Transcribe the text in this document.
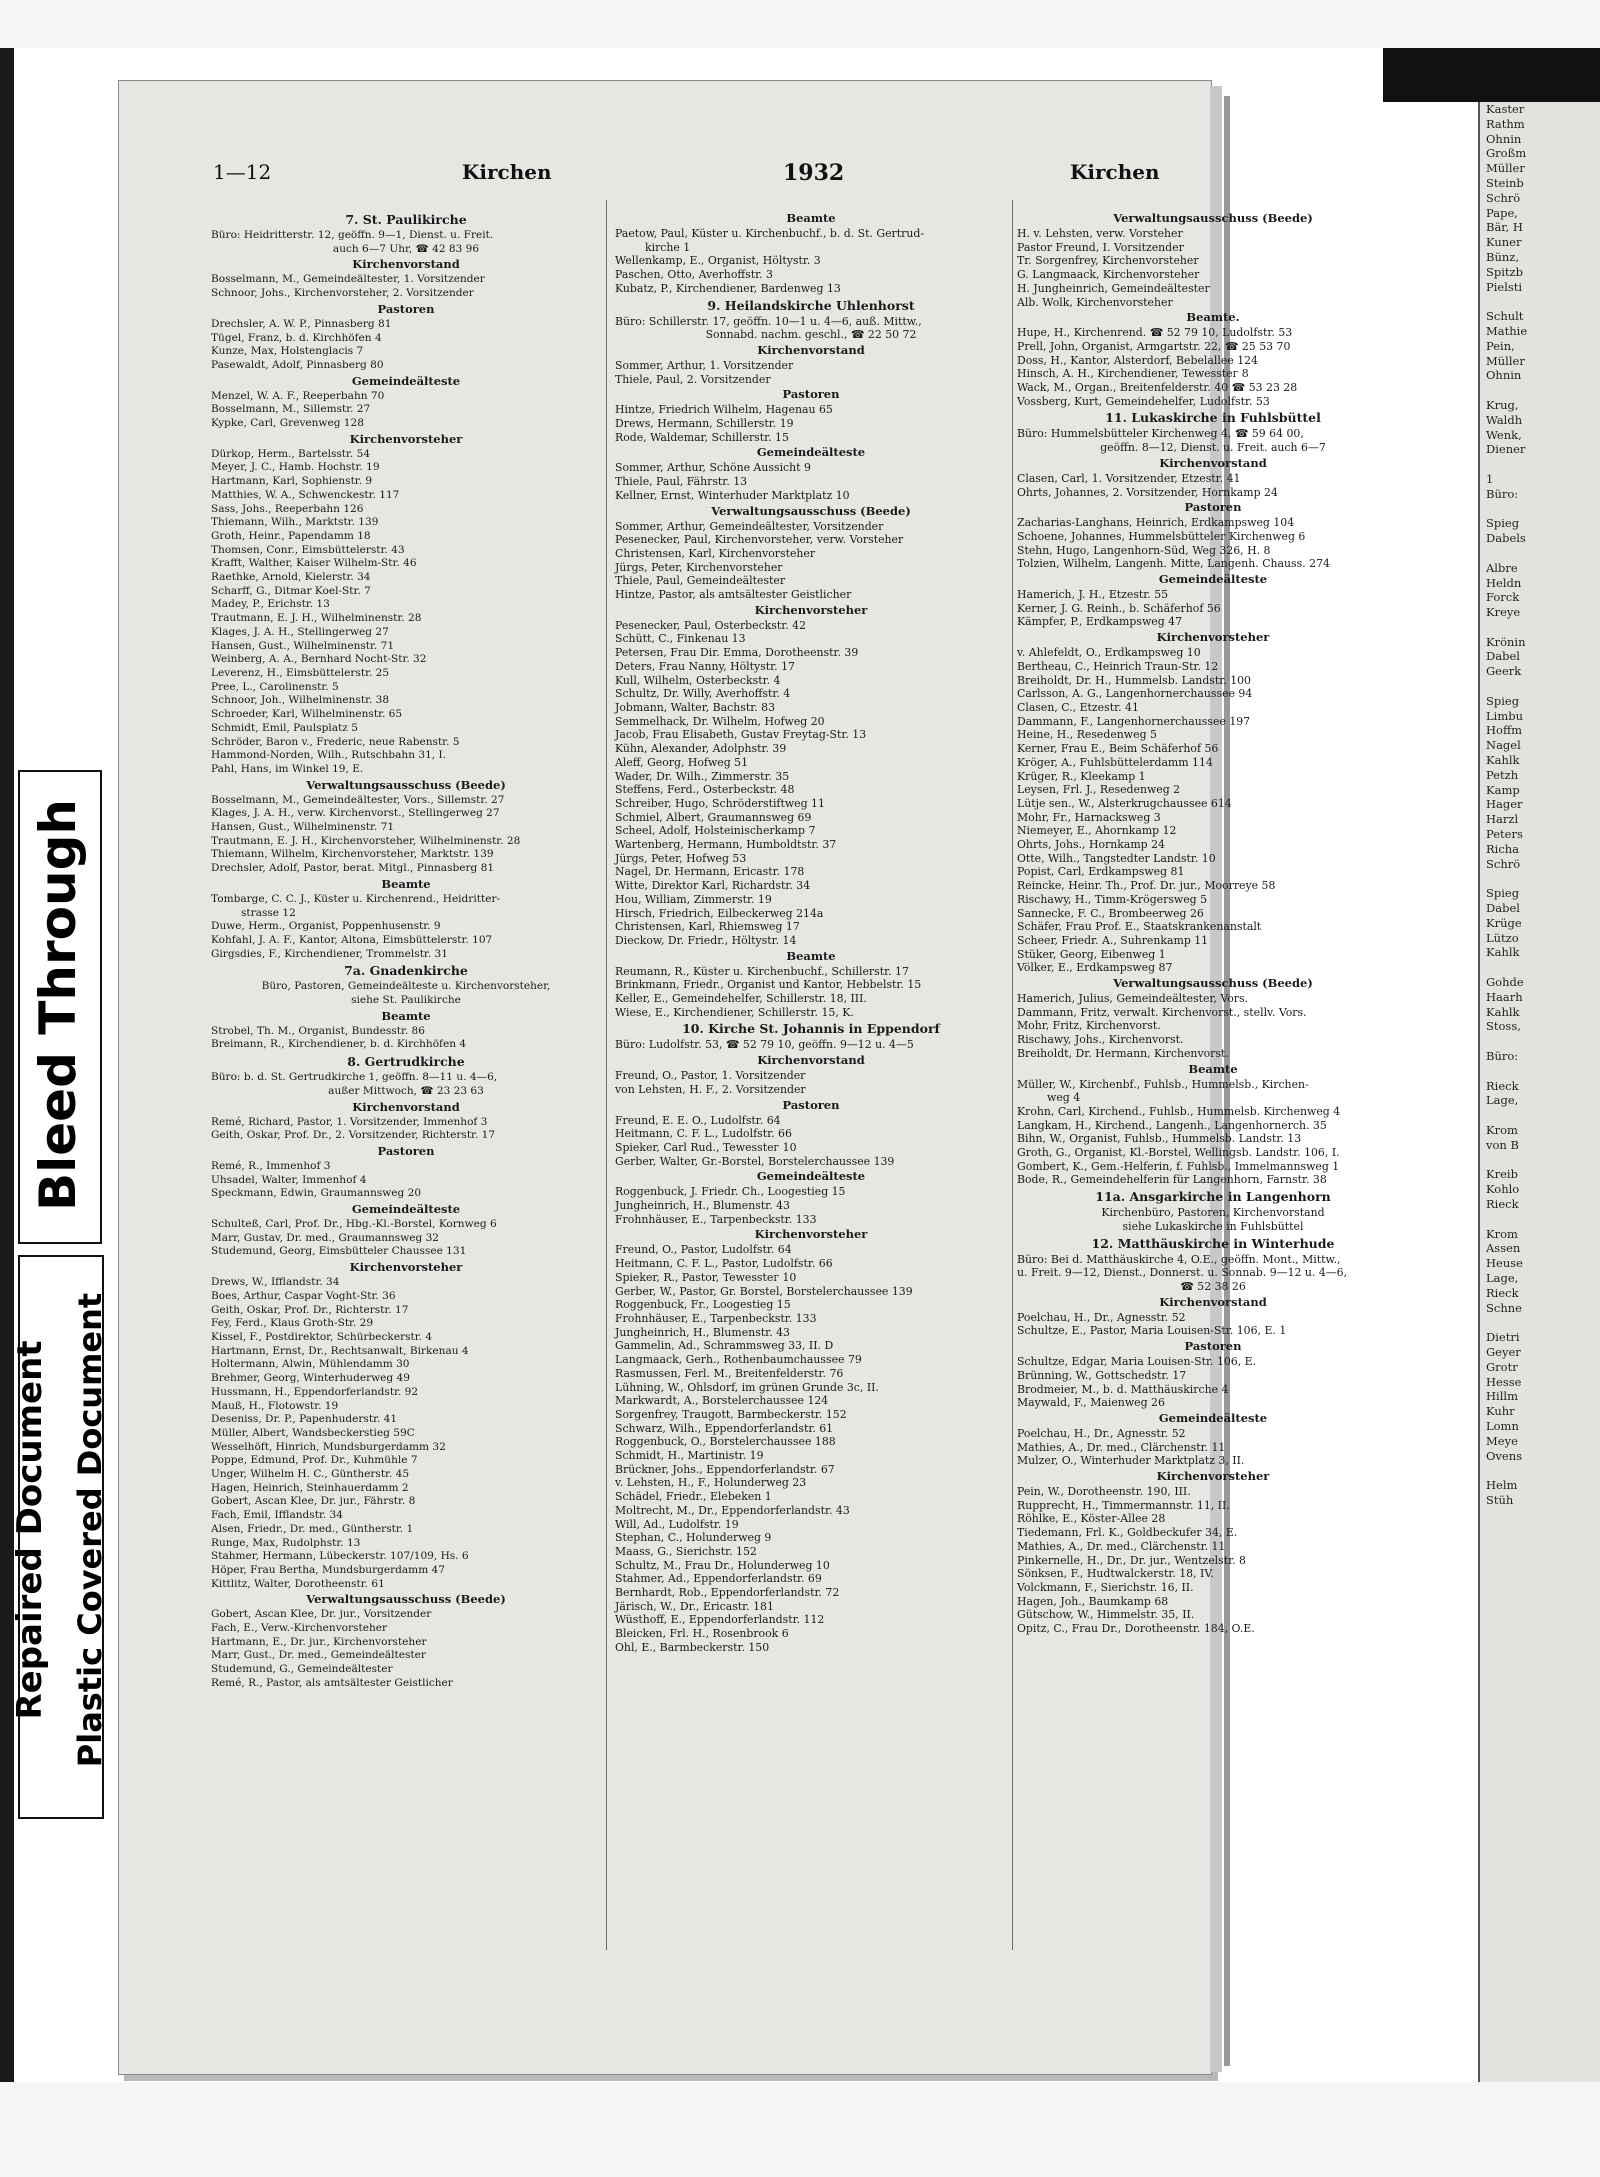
Kaster
Rathm
Ohnin
Großm
Müller
Steinb
Schrö
Pape,
Bär, H
Kuner
Bünz,
Spitzb
Pielsti

Schult
Mathie
Pein,
Müller
Ohnin

Krug,
Waldh
Wenk,
Diener

1
Büro:

Spieg
Dabels

Albre
Heldn
Forck
Kreye

Krönin
Dabel
Geerk

Spieg
Limbu
Hoffm
Nagel
Kahlk
Petzh
Kamp
Hager
Harzl
Peters
Richa
Schrö

Spieg
Dabel
Krüge
Lützo
Kahlk

Gohde
Haarh
Kahlk
Stoss,

Büro:

Rieck
Lage,

Krom
von B

Kreib
Kohlo
Rieck

Krom
Assen
Heuse
Lage,
Rieck
Schne

Dietri
Geyer
Grotr
Hesse
Hillm
Kuhr
Lomn
Meye
Ovens

Helm
Stüh
Bleed Through
Repaired Document Plastic Covered Document
1—12	Kirchen	1932	Kirchen
7. St. Paulikirche
Büro: Heidritterstr. 12, geöffn. 9—1, Dienst. u. Freit.
auch 6—7 Uhr, ☎ 42 83 96
Kirchenvorstand
Bosselmann, M., Gemeindeältester, 1. Vorsitzender
Schnoor, Johs., Kirchenvorsteher, 2. Vorsitzender
Pastoren
Drechsler, A. W. P., Pinnasberg 81
Tügel, Franz, b. d. Kirchhöfen 4
Kunze, Max, Holstenglacis 7
Pasewaldt, Adolf, Pinnasberg 80
Gemeindeälteste
Menzel, W. A. F., Reeperbahn 70
Bosselmann, M., Sillemstr. 27
Kypke, Carl, Grevenweg 128
Kirchenvorsteher
Dürkop, Herm., Bartelsstr. 54
Meyer, J. C., Hamb. Hochstr. 19
Hartmann, Karl, Sophienstr. 9
Matthies, W. A., Schwenckestr. 117
Sass, Johs., Reeperbahn 126
Thiemann, Wilh., Marktstr. 139
Groth, Heinr., Papendamm 18
Thomsen, Conr., Eimsbüttelerstr. 43
Krafft, Walther, Kaiser Wilhelm-Str. 46
Raethke, Arnold, Kielerstr. 34
Scharff, G., Ditmar Koel-Str. 7
Madey, P., Erichstr. 13
Trautmann, E. J. H., Wilhelminenstr. 28
Klages, J. A. H., Stellingerweg 27
Hansen, Gust., Wilhelminenstr. 71
Weinberg, A. A., Bernhard Nocht-Str. 32
Leverenz, H., Eimsbüttelerstr. 25
Pree, L., Carolinenstr. 5
Schnoor, Joh., Wilhelminenstr. 38
Schroeder, Karl, Wilhelminenstr. 65
Schmidt, Emil, Paulsplatz 5
Schröder, Baron v., Frederic, neue Rabenstr. 5
Hammond-Norden, Wilh., Rutschbahn 31, I.
Pahl, Hans, im Winkel 19, E.
Verwaltungsausschuss (Beede)
Bosselmann, M., Gemeindeältester, Vors., Sillemstr. 27
Klages, J. A. H., verw. Kirchenvorst., Stellingerweg 27
Hansen, Gust., Wilhelminenstr. 71
Trautmann, E. J. H., Kirchenvorsteher, Wilhelminenstr. 28
Thiemann, Wilhelm, Kirchenvorsteher, Marktstr. 139
Drechsler, Adolf, Pastor, berat. Mitgl., Pinnasberg 81
Beamte
Tombarge, C. C. J., Küster u. Kirchenrend., Heidritter-
strasse 12
Duwe, Herm., Organist, Poppenhusenstr. 9
Kohfahl, J. A. F., Kantor, Altona, Eimsbüttelerstr. 107
Girgsdies, F., Kirchendiener, Trommelstr. 31
7a. Gnadenkirche
Büro, Pastoren, Gemeindeälteste u. Kirchenvorsteher,
siehe St. Paulikirche
Beamte
Strobel, Th. M., Organist, Bundesstr. 86
Breimann, R., Kirchendiener, b. d. Kirchhöfen 4
8. Gertrudkirche
Büro: b. d. St. Gertrudkirche 1, geöffn. 8—11 u. 4—6,
außer Mittwoch, ☎ 23 23 63
Kirchenvorstand
Remé, Richard, Pastor, 1. Vorsitzender, Immenhof 3
Geith, Oskar, Prof. Dr., 2. Vorsitzender, Richterstr. 17
Pastoren
Remé, R., Immenhof 3
Uhsadel, Walter, Immenhof 4
Speckmann, Edwin, Graumannsweg 20
Gemeindeälteste
Schulteß, Carl, Prof. Dr., Hbg.-Kl.-Borstel, Kornweg 6
Marr, Gustav, Dr. med., Graumannsweg 32
Studemund, Georg, Eimsbütteler Chaussee 131
Kirchenvorsteher
Drews, W., Ifflandstr. 34
Boes, Arthur, Caspar Voght-Str. 36
Geith, Oskar, Prof. Dr., Richterstr. 17
Fey, Ferd., Klaus Groth-Str. 29
Kissel, F., Postdirektor, Schürbeckerstr. 4
Hartmann, Ernst, Dr., Rechtsanwalt, Birkenau 4
Holtermann, Alwin, Mühlendamm 30
Brehmer, Georg, Winterhuderweg 49
Hussmann, H., Eppendorferlandstr. 92
Mauß, H., Flotowstr. 19
Deseniss, Dr. P., Papenhuderstr. 41
Müller, Albert, Wandsbeckerstieg 59C
Wesselhöft, Hinrich, Mundsburgerdamm 32
Poppe, Edmund, Prof. Dr., Kuhmühle 7
Unger, Wilhelm H. C., Güntherstr. 45
Hagen, Heinrich, Steinhauerdamm 2
Gobert, Ascan Klee, Dr. jur., Fährstr. 8
Fach, Emil, Ifflandstr. 34
Alsen, Friedr., Dr. med., Güntherstr. 1
Runge, Max, Rudolphstr. 13
Stahmer, Hermann, Lübeckerstr. 107/109, Hs. 6
Höper, Frau Bertha, Mundsburgerdamm 47
Kittlitz, Walter, Dorotheenstr. 61
Verwaltungsausschuss (Beede)
Gobert, Ascan Klee, Dr. jur., Vorsitzender
Fach, E., Verw.-Kirchenvorsteher
Hartmann, E., Dr. jur., Kirchenvorsteher
Marr, Gust., Dr. med., Gemeindeältester
Studemund, G., Gemeindeältester
Remé, R., Pastor, als amtsältester Geistlicher
Beamte
Paetow, Paul, Küster u. Kirchenbuchf., b. d. St. Gertrud-
kirche 1
Wellenkamp, E., Organist, Höltystr. 3
Paschen, Otto, Averhoffstr. 3
Kubatz, P., Kirchendiener, Bardenweg 13
9. Heilandskirche Uhlenhorst
Büro: Schillerstr. 17, geöffn. 10—1 u. 4—6, auß. Mittw.,
Sonnabd. nachm. geschl., ☎ 22 50 72
Kirchenvorstand
Sommer, Arthur, 1. Vorsitzender
Thiele, Paul, 2. Vorsitzender
Pastoren
Hintze, Friedrich Wilhelm, Hagenau 65
Drews, Hermann, Schillerstr. 19
Rode, Waldemar, Schillerstr. 15
Gemeindeälteste
Sommer, Arthur, Schöne Aussicht 9
Thiele, Paul, Fährstr. 13
Kellner, Ernst, Winterhuder Marktplatz 10
Verwaltungsausschuss (Beede)
Sommer, Arthur, Gemeindeältester, Vorsitzender
Pesenecker, Paul, Kirchenvorsteher, verw. Vorsteher
Christensen, Karl, Kirchenvorsteher
Jürgs, Peter, Kirchenvorsteher
Thiele, Paul, Gemeindeältester
Hintze, Pastor, als amtsältester Geistlicher
Kirchenvorsteher
Pesenecker, Paul, Osterbeckstr. 42
Schütt, C., Finkenau 13
Petersen, Frau Dir. Emma, Dorotheenstr. 39
Deters, Frau Nanny, Höltystr. 17
Kull, Wilhelm, Osterbeckstr. 4
Schultz, Dr. Willy, Averhoffstr. 4
Jobmann, Walter, Bachstr. 83
Semmelhack, Dr. Wilhelm, Hofweg 20
Jacob, Frau Elisabeth, Gustav Freytag-Str. 13
Kühn, Alexander, Adolphstr. 39
Aleff, Georg, Hofweg 51
Wader, Dr. Wilh., Zimmerstr. 35
Steffens, Ferd., Osterbeckstr. 48
Schreiber, Hugo, Schröderstiftweg 11
Schmiel, Albert, Graumannsweg 69
Scheel, Adolf, Holsteinischerkamp 7
Wartenberg, Hermann, Humboldtstr. 37
Jürgs, Peter, Hofweg 53
Nagel, Dr. Hermann, Ericastr. 178
Witte, Direktor Karl, Richardstr. 34
Hou, William, Zimmerstr. 19
Hirsch, Friedrich, Eilbeckerweg 214a
Christensen, Karl, Rhiemsweg 17
Dieckow, Dr. Friedr., Höltystr. 14
Beamte
Reumann, R., Küster u. Kirchenbuchf., Schillerstr. 17
Brinkmann, Friedr., Organist und Kantor, Hebbelstr. 15
Keller, E., Gemeindehelfer, Schillerstr. 18, III.
Wiese, E., Kirchendiener, Schillerstr. 15, K.
10. Kirche St. Johannis in Eppendorf
Büro: Ludolfstr. 53, ☎ 52 79 10, geöffn. 9—12 u. 4—5
Kirchenvorstand
Freund, O., Pastor, 1. Vorsitzender
von Lehsten, H. F., 2. Vorsitzender
Pastoren
Freund, E. E. O., Ludolfstr. 64
Heitmann, C. F. L., Ludolfstr. 66
Spieker, Carl Rud., Tewesstег 10
Gerber, Walter, Gr.-Borstel, Borstelerchaussee 139
Gemeindeälteste
Roggenbuck, J. Friedr. Ch., Loogestieg 15
Jungheinrich, H., Blumenstr. 43
Frohnhäuser, E., Tarpenbeckstr. 133
Kirchenvorsteher
Freund, O., Pastor, Ludolfstr. 64
Heitmann, C. F. L., Pastor, Ludolfstr. 66
Spieker, R., Pastor, Tewesstег 10
Gerber, W., Pastor, Gr. Borstel, Borstelerchaussee 139
Roggenbuck, Fr., Loogestieg 15
Frohnhäuser, E., Tarpenbeckstr. 133
Jungheinrich, H., Blumenstr. 43
Gammelin, Ad., Schrammsweg 33, II. D
Langmaack, Gerh., Rothenbaumchaussee 79
Rasmussen, Ferl. M., Breitenfelderstr. 76
Lühning, W., Ohlsdorf, im grünen Grunde 3c, II.
Markwardt, A., Borstelerchaussee 124
Sorgenfrey, Traugott, Barmbeckerstr. 152
Schwarz, Wilh., Eppendorferlandstr. 61
Roggenbuck, O., Borstelerchaussee 188
Schmidt, H., Martinistr. 19
Brückner, Johs., Eppendorferlandstr. 67
v. Lehsten, H., F., Holunderweg 23
Schädel, Friedr., Elebeken 1
Moltrecht, M., Dr., Eppendorferlandstr. 43
Will, Ad., Ludolfstr. 19
Stephan, C., Holunderweg 9
Maass, G., Sierichstr. 152
Schultz, M., Frau Dr., Holunderweg 10
Stahmer, Ad., Eppendorferlandstr. 69
Bernhardt, Rob., Eppendorferlandstr. 72
Järisch, W., Dr., Ericastr. 181
Wüsthoff, E., Eppendorferlandstr. 112
Bleicken, Frl. H., Rosenbrook 6
Ohl, E., Barmbeckerstr. 150
Verwaltungsausschuss (Beede)
H. v. Lehsten, verw. Vorsteher
Pastor Freund, I. Vorsitzender
Tr. Sorgenfrey, Kirchenvorsteher
G. Langmaack, Kirchenvorsteher
H. Jungheinrich, Gemeindeältester
Alb. Wolk, Kirchenvorsteher
Beamte.
Hupe, H., Kirchenrend. ☎ 52 79 10, Ludolfstr. 53
Prell, John, Organist, Armgartstr. 22, ☎ 25 53 70
Doss, H., Kantor, Alsterdorf, Bebelallee 124
Hinsch, A. H., Kirchendiener, Tewesstег 8
Wack, M., Organ., Breitenfelderstr. 40 ☎ 53 23 28
Vossberg, Kurt, Gemeindehelfer, Ludolfstr. 53
11. Lukaskirche in Fuhlsbüttel
Büro: Hummelsbütteler Kirchenweg 4, ☎ 59 64 00,
geöffn. 8—12, Dienst. u. Freit. auch 6—7
Kirchenvorstand
Clasen, Carl, 1. Vorsitzender, Etzestr. 41
Ohrts, Johannes, 2. Vorsitzender, Hornkamp 24
Pastoren
Zacharias-Langhans, Heinrich, Erdkampsweg 104
Schoene, Johannes, Hummelsbütteler Kirchenweg 6
Stehn, Hugo, Langenhorn-Süd, Weg 326, H. 8
Tolzien, Wilhelm, Langenh. Mitte, Langenh. Chauss. 274
Gemeindeälteste
Hamerich, J. H., Etzestr. 55
Kerner, J. G. Reinh., b. Schäferhof 56
Kämpfer, P., Erdkampsweg 47
Kirchenvorsteher
v. Ahlefeldt, O., Erdkampsweg 10
Bertheau, C., Heinrich Traun-Str. 12
Breiholdt, Dr. H., Hummelsb. Landstr. 100
Carlsson, A. G., Langenhornerchaussee 94
Clasen, C., Etzestr. 41
Dammann, F., Langenhornerchaussee 197
Heine, H., Resedenweg 5
Kerner, Frau E., Beim Schäferhof 56
Kröger, A., Fuhlsbüttelerdamm 114
Krüger, R., Kleekamp 1
Leysen, Frl. J., Resedenweg 2
Lütje sen., W., Alsterkrugchaussee 614
Mohr, Fr., Harnacksweg 3
Niemeyer, E., Ahornkamp 12
Ohrts, Johs., Hornkamp 24
Otte, Wilh., Tangstedter Landstr. 10
Popist, Carl, Erdkampsweg 81
Reincke, Heinr. Th., Prof. Dr. jur., Moorreye 58
Rischawy, H., Timm-Krögersweg 5
Sannecke, F. C., Brombeerweg 26
Schäfer, Frau Prof. E., Staatskrankenanstalt
Scheer, Friedr. A., Suhrenkamp 11
Stüker, Georg, Eibenweg 1
Völker, E., Erdkampsweg 87
Verwaltungsausschuss (Beede)
Hamerich, Julius, Gemeindeältester, Vors.
Dammann, Fritz, verwalt. Kirchenvorst., stellv. Vors.
Mohr, Fritz, Kirchenvorst.
Rischawy, Johs., Kirchenvorst.
Breiholdt, Dr. Hermann, Kirchenvorst.
Beamte
Müller, W., Kirchenbf., Fuhlsb., Hummelsb., Kirchen-
weg 4
Krohn, Carl, Kirchend., Fuhlsb., Hummelsb. Kirchenweg 4
Langkam, H., Kirchend., Langenh., Langenhornerch. 35
Bihn, W., Organist, Fuhlsb., Hummelsb. Landstr. 13
Groth, G., Organist, Kl.-Borstel, Wellingsb. Landstr. 106, I.
Gombert, K., Gem.-Helferin, f. Fuhlsb., Immelmannsweg 1
Bode, R., Gemeindehelferin für Langenhorn, Farnstr. 38
11a. Ansgarkirche in Langenhorn
Kirchenbüro, Pastoren, Kirchenvorstand
siehe Lukaskirche in Fuhlsbüttel
12. Matthäuskirche in Winterhude
Büro: Bei d. Matthäuskirche 4, O.E., geöffn. Mont., Mittw.,
u. Freit. 9—12, Dienst., Donnerst. u. Sonnab. 9—12 u. 4—6,
☎ 52 38 26
Kirchenvorstand
Poelchau, H., Dr., Agnesstr. 52
Schultze, E., Pastor, Maria Louisen-Str. 106, E. 1
Pastoren
Schultze, Edgar, Maria Louisen-Str. 106, E.
Brünning, W., Gottschedstr. 17
Brodmeier, M., b. d. Matthäuskirche 4
Maywald, F., Maienweg 26
Gemeindeälteste
Poelchau, H., Dr., Agnesstr. 52
Mathies, A., Dr. med., Clärchenstr. 11
Mulzer, O., Winterhuder Marktplatz 3, II.
Kirchenvorsteher
Pein, W., Dorotheenstr. 190, III.
Rupprecht, H., Timmermannstr. 11, II.
Röhlke, E., Köster-Allee 28
Tiedemann, Frl. K., Goldbeckufer 34, E.
Mathies, A., Dr. med., Clärchenstr. 11
Pinkernelle, H., Dr., Dr. jur., Wentzelstr. 8
Sönksen, F., Hudtwalckerstr. 18, IV.
Volckmann, F., Sierichstr. 16, II.
Hagen, Joh., Baumkamp 68
Gütschow, W., Himmelstr. 35, II.
Opitz, C., Frau Dr., Dorotheenstr. 184, O.E.
